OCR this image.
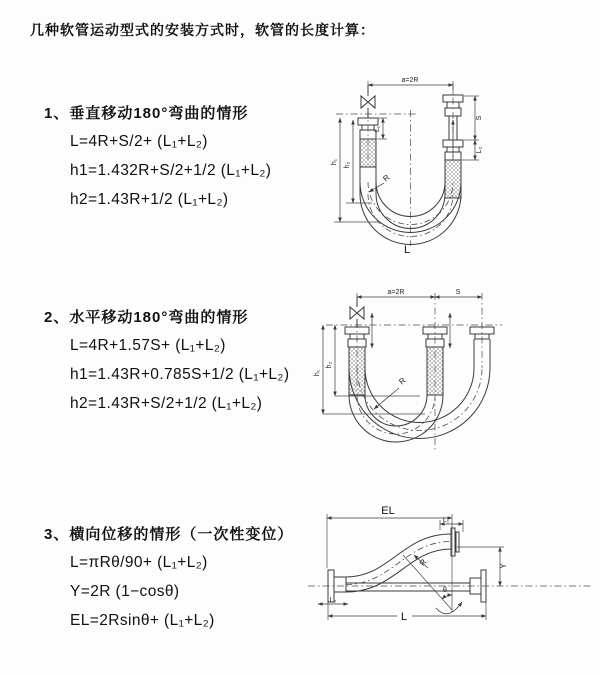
几种软管运动型式的安装方式时，软管的长度计算：
1、垂直移动180°弯曲的情形
L=4R+S/2+ (L₁+L₂)
h1=1.432R+S/2+1/2 (L₁+L₂)
h2=1.43R+1/2 (L₁+L₂)
2、水平移动180°弯曲的情形
L=4R+1.57S+ (L₁+L₂)
h1=1.43R+0.785S+1/2 (L₁+L₂)
h2=1.43R+S/2+1/2 (L₁+L₂)
3、横向位移的情形（一次性变位）
L=πRθ/90+ (L₁+L₂)
Y=2R (1−cosθ)
EL=2Rsinθ+ (L₁+L₂)
a=2R
h₁ h₂
L₁
S
L₂
R
L
a=2R	S
h₁
h₂
R
EL
L₁
Y
R
θ
L₂
L
